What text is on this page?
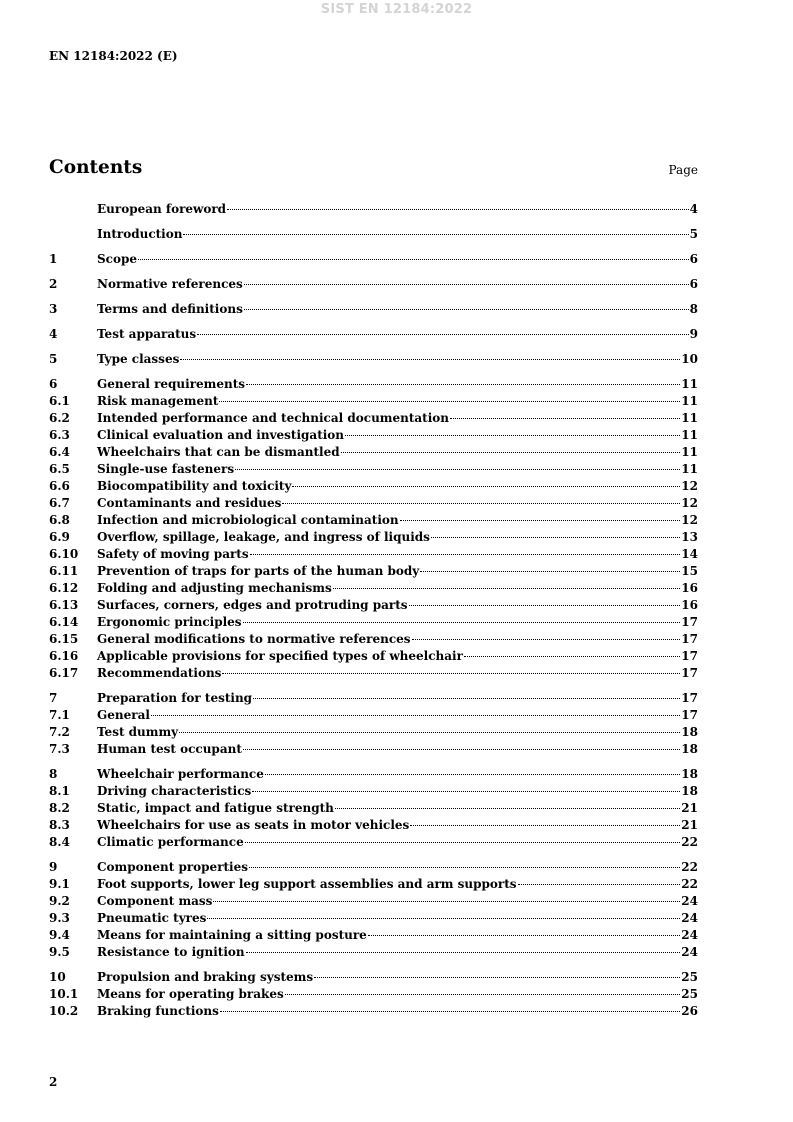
SIST EN 12184:2022
EN 12184:2022 (E)
Contents	Page
European foreword	4
Introduction	5
1	Scope	6
2	Normative references	6
3	Terms and definitions	8
4	Test apparatus	9
5	Type classes	10
6	General requirements	11
6.1	Risk management	11
6.2	Intended performance and technical documentation	11
6.3	Clinical evaluation and investigation	11
6.4	Wheelchairs that can be dismantled	11
6.5	Single-use fasteners	11
6.6	Biocompatibility and toxicity	12
6.7	Contaminants and residues	12
6.8	Infection and microbiological contamination	12
6.9	Overflow, spillage, leakage, and ingress of liquids	13
6.10	Safety of moving parts	14
6.11	Prevention of traps for parts of the human body	15
6.12	Folding and adjusting mechanisms	16
6.13	Surfaces, corners, edges and protruding parts	16
6.14	Ergonomic principles	17
6.15	General modifications to normative references	17
6.16	Applicable provisions for specified types of wheelchair	17
6.17	Recommendations	17
7	Preparation for testing	17
7.1	General	17
7.2	Test dummy	18
7.3	Human test occupant	18
8	Wheelchair performance	18
8.1	Driving characteristics	18
8.2	Static, impact and fatigue strength	21
8.3	Wheelchairs for use as seats in motor vehicles	21
8.4	Climatic performance	22
9	Component properties	22
9.1	Foot supports, lower leg support assemblies and arm supports	22
9.2	Component mass	24
9.3	Pneumatic tyres	24
9.4	Means for maintaining a sitting posture	24
9.5	Resistance to ignition	24
10	Propulsion and braking systems	25
10.1	Means for operating brakes	25
10.2	Braking functions	26
2
